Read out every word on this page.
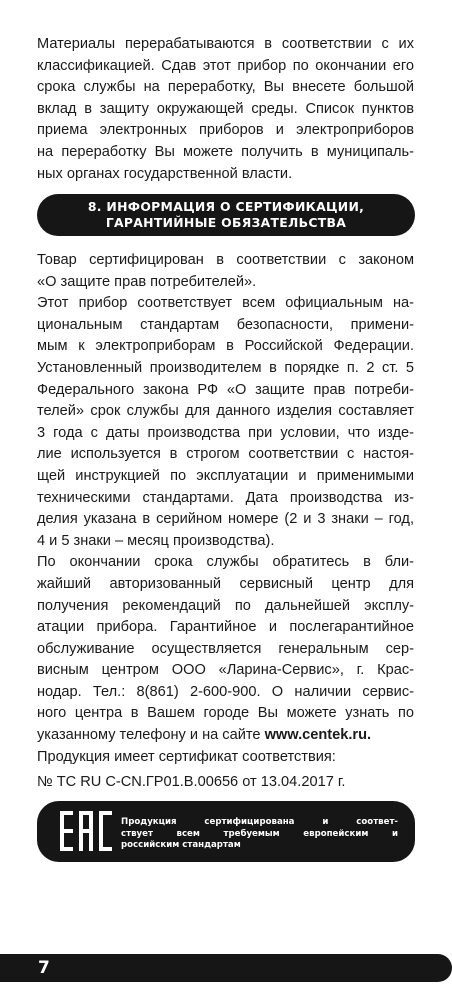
Материалы перерабатываются в соответствии с их
классификацией. Сдав этот прибор по окончании его
срока службы на переработку, Вы внесете большой
вклад в защиту окружающей среды. Список пунктов
приема электронных приборов и электроприборов
на переработку Вы можете получить в муниципаль-
ных органах государственной власти.
8. ИНФОРМАЦИЯ О СЕРТИФИКАЦИИ,
ГАРАНТИЙНЫЕ ОБЯЗАТЕЛЬСТВА
Товар сертифицирован в соответствии с законом
«О защите прав потребителей».
Этот прибор соответствует всем официальным на-
циональным стандартам безопасности, примени-
мым к электроприборам в Российской Федерации.
Установленный производителем в порядке п. 2 ст. 5
Федерального закона РФ «О защите прав потреби-
телей» срок службы для данного изделия составляет
3 года с даты производства при условии, что изде-
лие используется в строгом соответствии с настоя-
щей инструкцией по эксплуатации и применимыми
техническими стандартами. Дата производства из-
делия указана в серийном номере (2 и 3 знаки – год,
4 и 5 знаки – месяц производства).
По окончании срока службы обратитесь в бли-
жайший авторизованный сервисный центр для
получения рекомендаций по дальнейшей эксплу-
атации прибора. Гарантийное и послегарантийное
обслуживание осуществляется генеральным сер-
висным центром ООО «Ларина-Сервис», г. Крас-
нодар. Тел.: 8(861) 2-600-900. О наличии сервис-
ного центра в Вашем городе Вы можете узнать по
указанному телефону и на сайте www.centek.ru.
Продукция имеет сертификат соответствия:
№ ТС RU С-CN.ГР01.В.00656 от 13.04.2017 г.
Продукция сертифицирована и соответ-
ствует всем требуемым европейским и
российским стандартам
7
